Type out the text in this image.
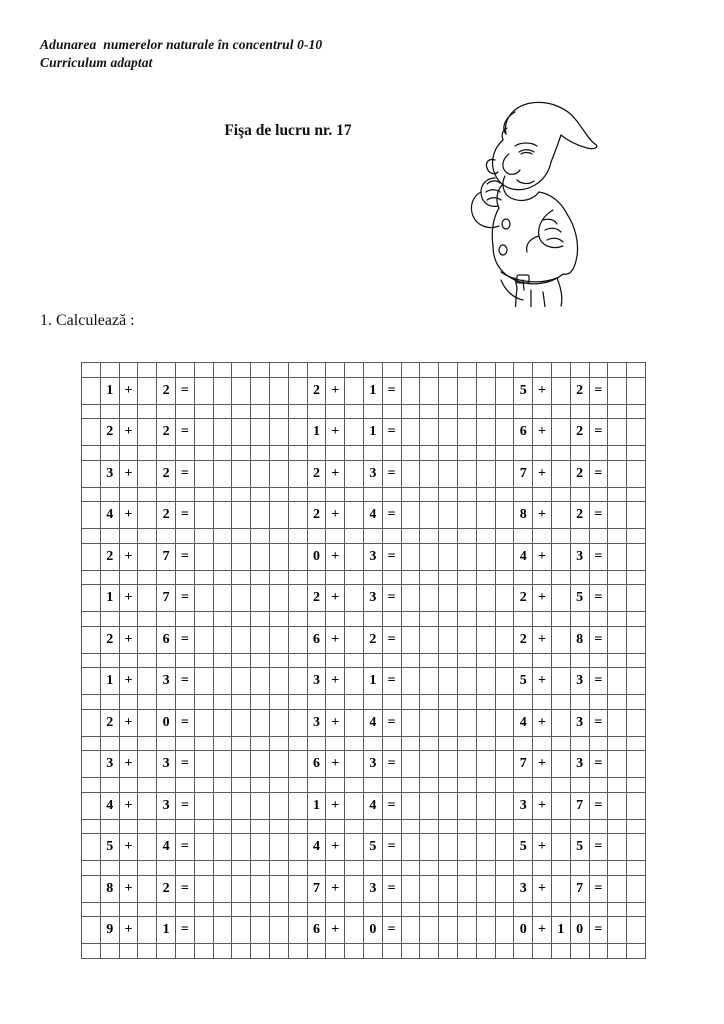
Adunarea  numerelor naturale în concentrul 0-10
Curriculum adaptat
Fişa de lucru nr. 17
1. Calculează :

	1	+		2	=							2	+		1	=							5	+		2	=		

	2	+		2	=							1	+		1	=							6	+		2	=		

	3	+		2	=							2	+		3	=							7	+		2	=		

	4	+		2	=							2	+		4	=							8	+		2	=		

	2	+		7	=							0	+		3	=							4	+		3	=		

	1	+		7	=							2	+		3	=							2	+		5	=		

	2	+		6	=							6	+		2	=							2	+		8	=		

	1	+		3	=							3	+		1	=							5	+		3	=		

	2	+		0	=							3	+		4	=							4	+		3	=		

	3	+		3	=							6	+		3	=							7	+		3	=		

	4	+		3	=							1	+		4	=							3	+		7	=		

	5	+		4	=							4	+		5	=							5	+		5	=		

	8	+		2	=							7	+		3	=							3	+		7	=		

	9	+		1	=							6	+		0	=							0	+	1	0	=		
